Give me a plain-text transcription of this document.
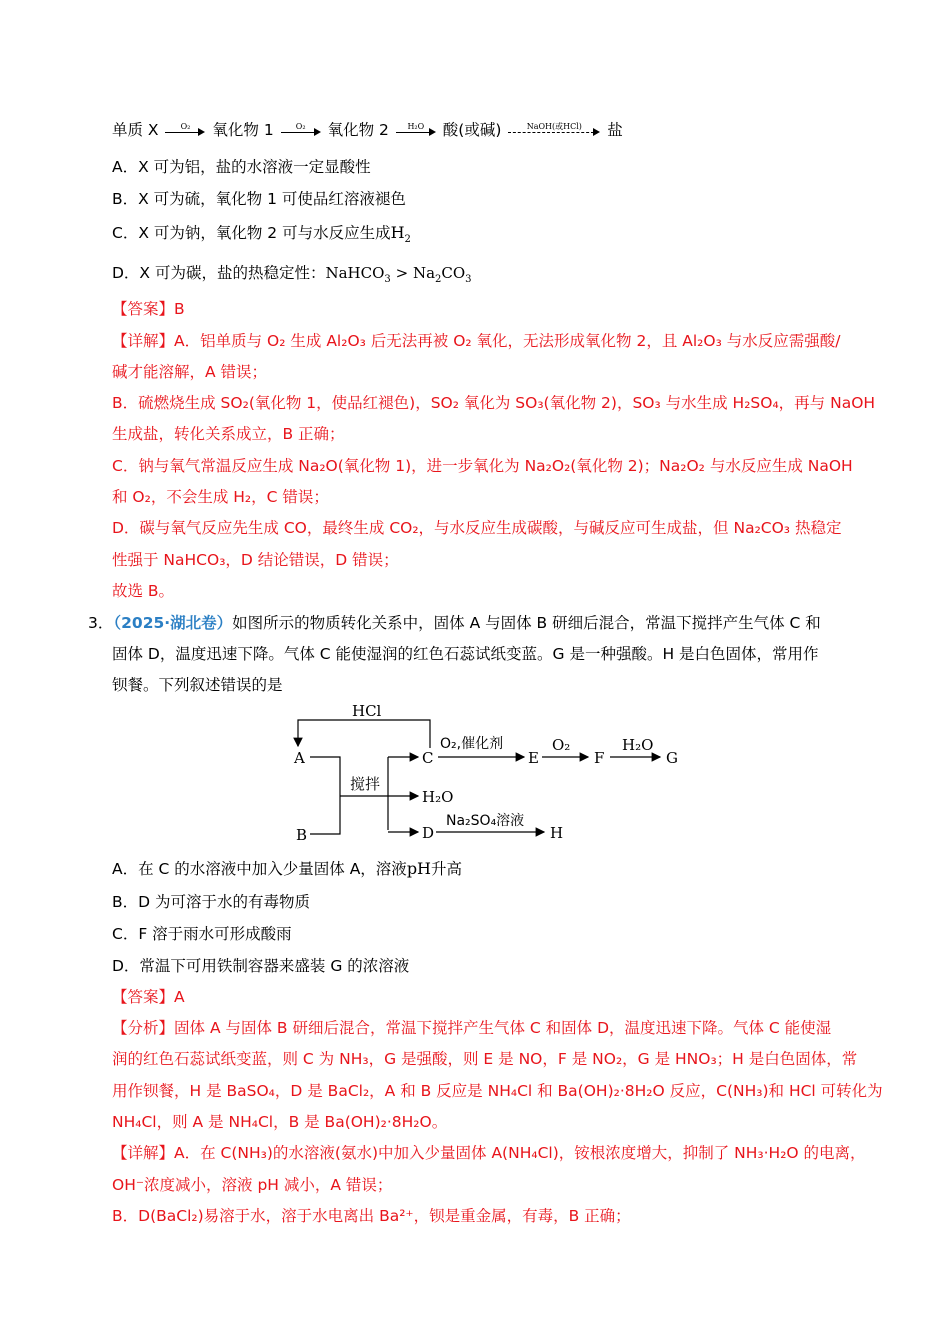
单质 X	O₂	氧化物 1	O₂	氧化物 2	H₂O	酸(或碱)	NaOH(或HCl)	盐
A．X 可为铝，盐的水溶液一定显酸性
B．X 可为硫，氧化物 1 可使品红溶液褪色
C．X 可为钠，氧化物 2 可与水反应生成$H_2$
D．X 可为碳，盐的热稳定性：NaHCO$_3$ > $Na_2CO_3$
【答案】B
【详解】A．铝单质与 O₂ 生成 Al₂O₃ 后无法再被 O₂ 氧化，无法形成氧化物 2，且 Al₂O₃ 与水反应需强酸/
碱才能溶解，A 错误；
B．硫燃烧生成 SO₂(氧化物 1，使品红褪色)，SO₂ 氧化为 SO₃(氧化物 2)，SO₃ 与水生成 H₂SO₄，再与 NaOH
生成盐，转化关系成立，B 正确；
C．钠与氧气常温反应生成 Na₂O(氧化物 1)，进一步氧化为 Na₂O₂(氧化物 2)；Na₂O₂ 与水反应生成 NaOH
和 O₂，不会生成 H₂，C 错误；
D．碳与氧气反应先生成 CO，最终生成 CO₂，与水反应生成碳酸，与碱反应可生成盐，但 Na₂CO₃ 热稳定
性强于 NaHCO₃，D 结论错误，D 错误；
故选 B。
3．（2025·湖北卷）如图所示的物质转化关系中，固体 A 与固体 B 研细后混合，常温下搅拌产生气体 C 和
固体 D，温度迅速下降。气体 C 能使湿润的红色石蕊试纸变蓝。G 是一种强酸。H 是白色固体，常用作
钡餐。下列叙述错误的是
HCl
A
B
搅拌
C
O₂,催化剂
E
O₂
F
H₂O
G
H₂O
D
Na₂SO₄溶液
H
A．在 C 的水溶液中加入少量固体 A，溶液pH升高
B．D 为可溶于水的有毒物质
C．F 溶于雨水可形成酸雨
D．常温下可用铁制容器来盛装 G 的浓溶液
【答案】A
【分析】固体 A 与固体 B 研细后混合，常温下搅拌产生气体 C 和固体 D，温度迅速下降。气体 C 能使湿
润的红色石蕊试纸变蓝，则 C 为 NH₃，G 是强酸，则 E 是 NO，F 是 NO₂，G 是 HNO₃；H 是白色固体，常
用作钡餐，H 是 BaSO₄，D 是 BaCl₂，A 和 B 反应是 NH₄Cl 和 Ba(OH)₂·8H₂O 反应，C(NH₃)和 HCl 可转化为
NH₄Cl，则 A 是 NH₄Cl，B 是 Ba(OH)₂·8H₂O。
【详解】A．在 C(NH₃)的水溶液(氨水)中加入少量固体 A(NH₄Cl)，铵根浓度增大，抑制了 NH₃·H₂O 的电离，
OH⁻浓度减小，溶液 pH 减小，A 错误；
B．D(BaCl₂)易溶于水，溶于水电离出 Ba²⁺，钡是重金属，有毒，B 正确；
